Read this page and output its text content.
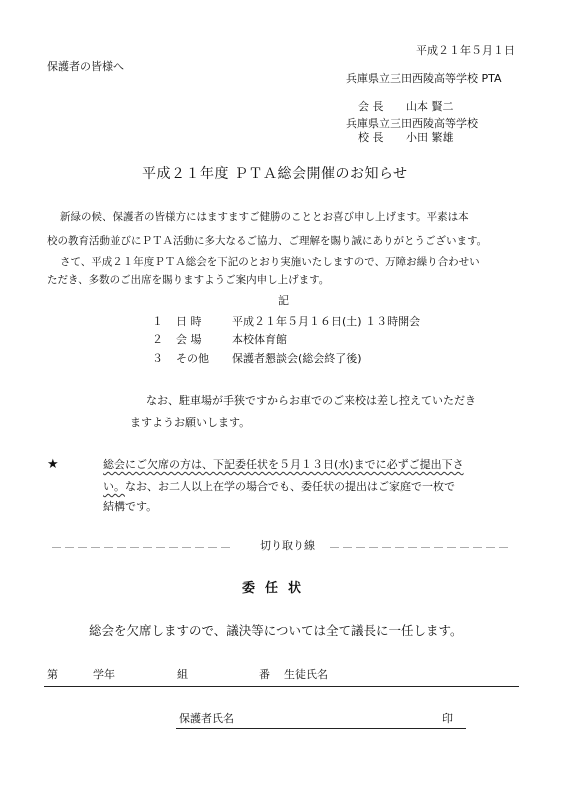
平成２１年５月１日
保護者の皆様へ
兵庫県立三田西陵高等学校 PTA
会 長 山本 賢二
兵庫県立三田西陵高等学校
校 長 小田 繁雄
平成２１年度 ＰＴＡ総会開催のお知らせ
新緑の候、保護者の皆様方にはますますご健勝のこととお喜び申し上げます。平素は本
校の教育活動並びにＰＴＡ活動に多大なるご協力、ご理解を賜り誠にありがとうございます。
さて、平成２１年度ＰＴＡ総会を下記のとおり実施いたしますので、万障お繰り合わせい
ただき、多数のご出席を賜りますようご案内申し上げます。
記
１ 日 時	平成２１年５月１６日(土) １３時開会
２ 会 場	本校体育館
３ その他 保護者懇談会(総会終了後)
なお、駐車場が手狭ですからお車でのご来校は差し控えていただき
ますようお願いします。
★	総会にご欠席の方は、下記委任状を５月１３日(水)までに必ずご提出下さ
い。なお、お二人以上在学の場合でも、委任状の提出はご家庭で一枚で
結構です。
＿＿＿＿＿＿＿＿＿＿＿＿＿＿ 切り取り線 ＿＿＿＿＿＿＿＿＿＿＿＿＿＿
委任状
総会を欠席しますので、議決等については全て議長に一任します。
第	学年	組	番 生徒氏名
保護者氏名	印
